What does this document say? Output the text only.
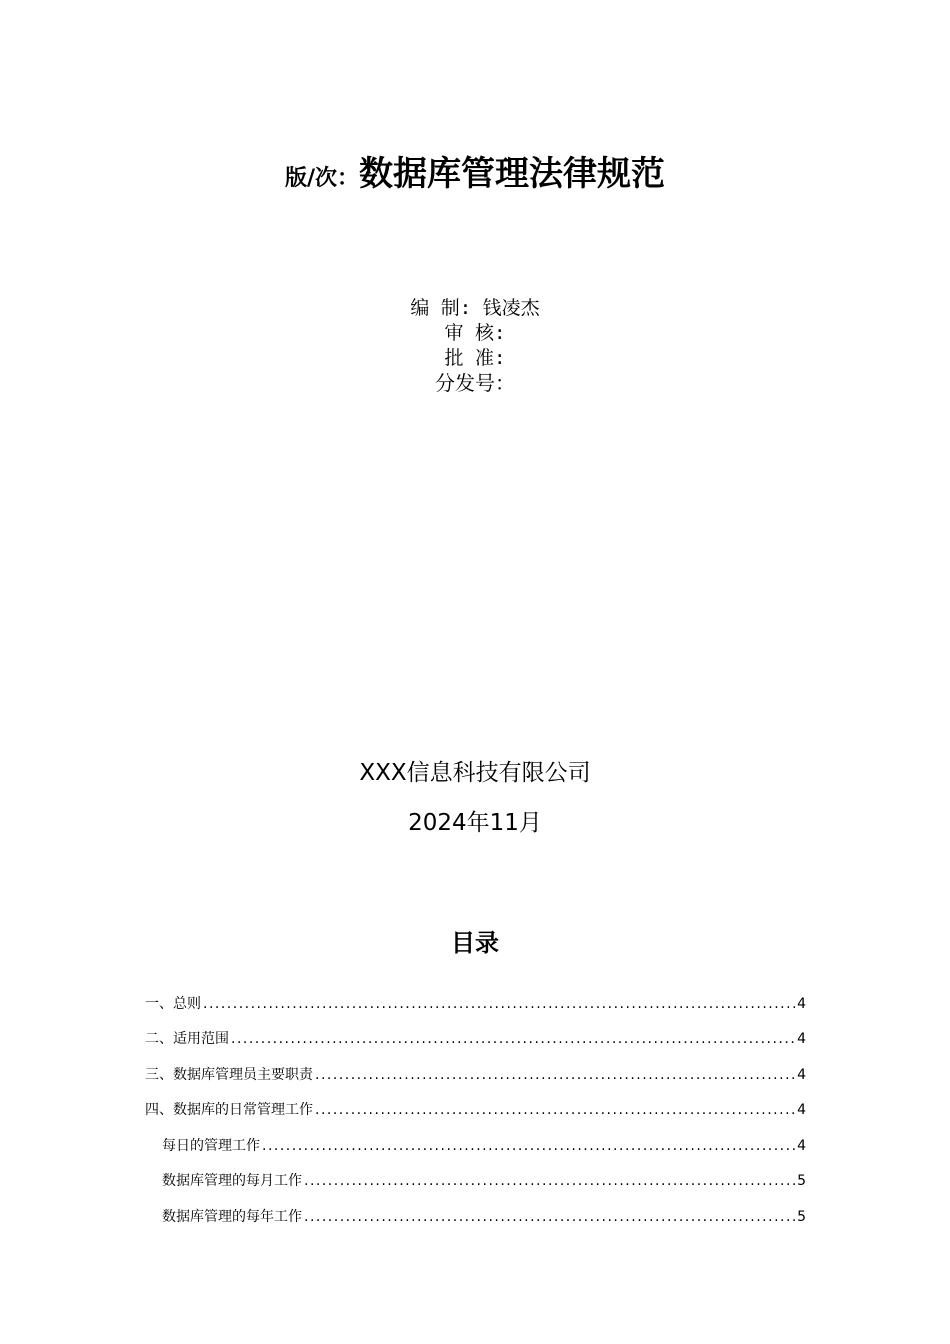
版/次：数据库管理法律规范
编 制: 钱凌杰
审 核:
批 准:
分发号：
XXX信息科技有限公司
2024年11月
目录
一、总则 .....	4
二、适用范围 .....	4
三、数据库管理员主要职责 .....	4
四、数据库的日常管理工作 .....	4
每日的管理工作 .....	4
数据库管理的每月工作 .....	5
数据库管理的每年工作 .....	5
